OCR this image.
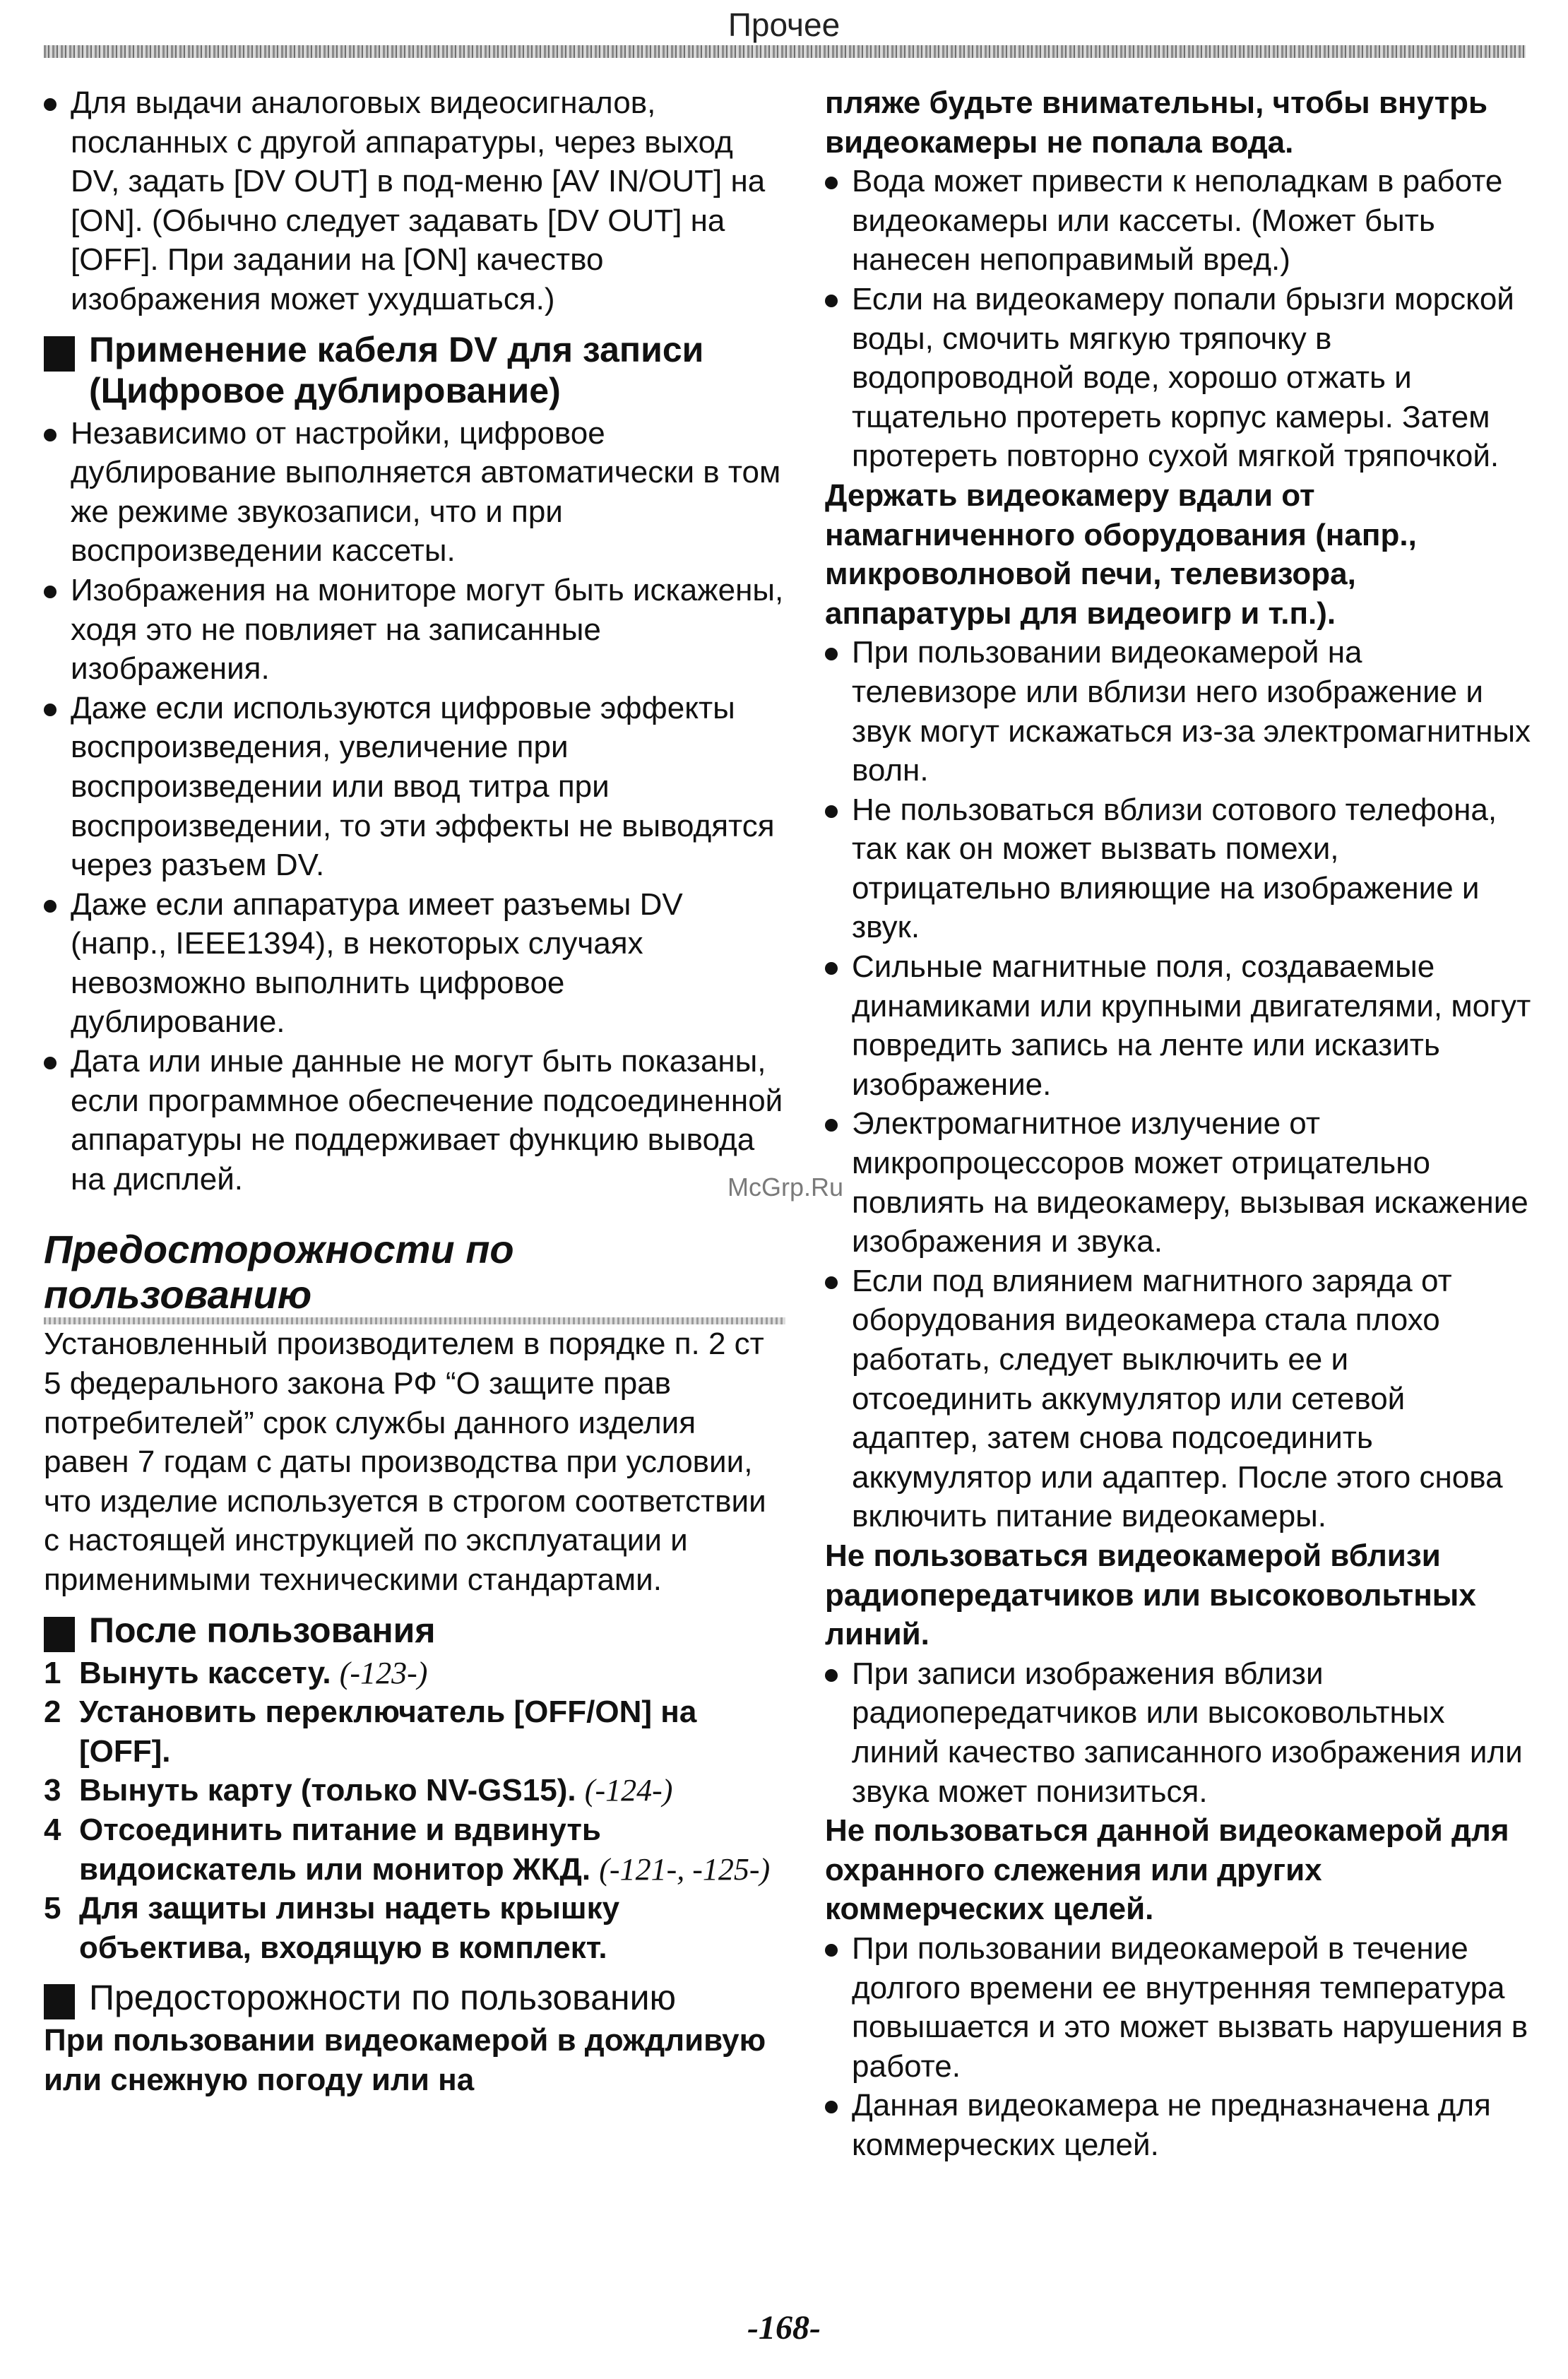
Прочее
Для выдачи аналоговых видеосигналов, посланных с другой аппаратуры, через выход DV, задать [DV OUT] в под-меню [AV IN/OUT] на [ON]. (Обычно следует задавать [DV OUT] на [OFF]. При задании на [ON] качество изображения может ухудшаться.)
Применение кабеля DV для записи (Цифровое дублирование)
Независимо от настройки, цифровое дублирование выполняется автоматически в том же режиме звукозаписи, что и при воспроизведении кассеты.
Изображения на мониторе могут быть искажены, ходя это не повлияет на записанные изображения.
Даже если используются цифровые эффекты воспроизведения, увеличение при воспроизведении или ввод титра при воспроизведении, то эти эффекты не выводятся через разъем DV.
Даже если аппаратура имеет разъемы DV (напр., IEEE1394), в некоторых случаях невозможно выполнить цифровое дублирование.
Дата или иные данные не могут быть показаны, если программное обеспечение подсоединенной аппаратуры не поддерживает функцию вывода на дисплей.
Предосторожности по пользованию

Установленный производителем в порядке п. 2 ст 5 федерального закона РФ “О защите прав потребителей” срок службы данного изделия равен 7 годам с даты производства при условии, что изделие используется в строгом соответствии с настоящей инструкцией по эксплуатации и применимыми техническими стандартами.

После пользования
1 Вынуть кассету. (-123-)
2 Установить переключатель [OFF/ON] на [OFF].
3 Вынуть карту (только NV-GS15). (-124-)
4 Отсоединить питание и вдвинуть видоискатель или монитор ЖКД. (-121-, -125-)
5 Для защиты линзы надеть крышку объектива, входящую в комплект.
Предосторожности по пользованию

При пользовании видеокамерой в дождливую или снежную погоду или на

пляже будьте внимательны, чтобы внутрь видеокамеры не попала вода.

Вода может привести к неполадкам в работе видеокамеры или кассеты. (Может быть нанесен непоправимый вред.)
Если на видеокамеру попали брызги морской воды, смочить мягкую тряпочку в водопроводной воде, хорошо отжать и тщательно протереть корпус камеры. Затем протереть повторно сухой мягкой тряпочкой.

Держать видеокамеру вдали от намагниченного оборудования (напр., микроволновой печи, телевизора, аппаратуры для видеоигр и т.п.).

При пользовании видеокамерой на телевизоре или вблизи него изображение и звук могут искажаться из-за электромагнитных волн.
Не пользоваться вблизи сотового телефона, так как он может вызвать помехи, отрицательно влияющие на изображение и звук.
Сильные магнитные поля, создаваемые динамиками или крупными двигателями, могут повредить запись на ленте или исказить изображение.
Электромагнитное излучение от микропроцессоров может отрицательно повлиять на видеокамеру, вызывая искажение изображения и звука.
Если под влиянием магнитного заряда от оборудования видеокамера стала плохо работать, следует выключить ее и отсоединить аккумулятор или сетевой адаптер, затем снова подсоединить аккумулятор или адаптер. После этого снова включить питание видеокамеры.

Не пользоваться видеокамерой вблизи радиопередатчиков или высоковольтных линий.

При записи изображения вблизи радиопередатчиков или высоковольтных линий качество записанного изображения или звука может понизиться.

Не пользоваться данной видеокамерой для охранного слежения или других коммерческих целей.

При пользовании видеокамерой в течение долгого времени ее внутренняя температура повышается и это может вызвать нарушения в работе.
Данная видеокамера не предназначена для коммерческих целей.
McGrp.Ru
-168-
